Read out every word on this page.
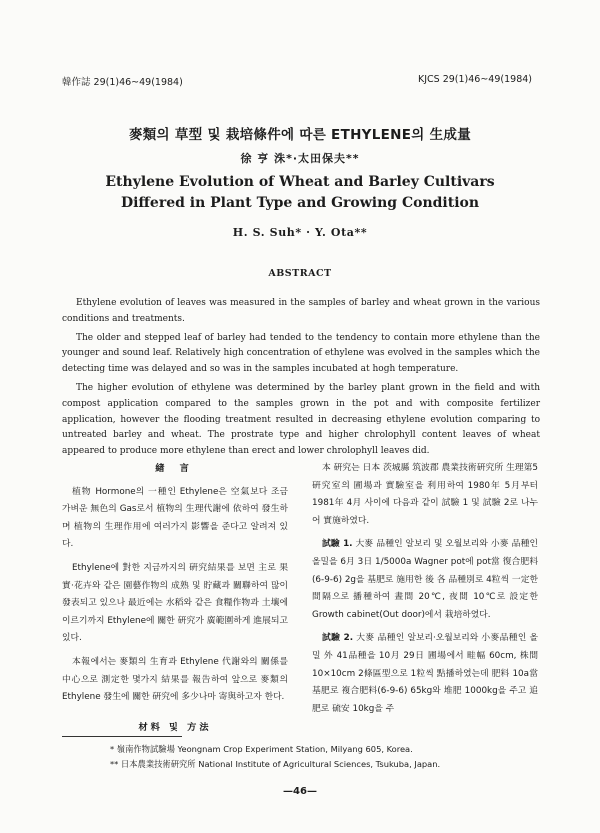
韓作誌 29(1)46~49(1984)	KJCS 29(1)46~49(1984)
麥類의 草型 및 栽培條件에 따른 ETHYLENE의 生成量
徐 亨 洙*·太田保夫**
Ethylene Evolution of Wheat and Barley Cultivars
Differed in Plant Type and Growing Condition
H. S. Suh* · Y. Ota**
ABSTRACT

Ethylene evolution of leaves was measured in the samples of barley and wheat grown in the various conditions and treatments.

The older and stepped leaf of barley had tended to the tendency to contain more ethylene than the younger and sound leaf. Relatively high concentration of ethylene was evolved in the samples which the detecting time was delayed and so was in the samples incubated at hogh temperature.

The higher evolution of ethylene was determined by the barley plant grown in the field and with compost application compared to the samples grown in the pot and with composite fertilizer application, however the flooding treatment resulted in decreasing ethylene evolution comparing to untreated barley and wheat. The prostrate type and higher chrolophyll content leaves of wheat appeared to produce more ethylene than erect and lower chrolophyll leaves did.

緖 言

植物 Hormone의 一種인 Ethylene은 空氣보다 조금 가벼운 無色의 Gas로서 植物의 生理代謝에 依하여 發生하며 植物의 生理作用에 여러가지 影響을 준다고 알려져 있다.

Ethylene에 對한 지금까지의 硏究結果를 보면 主로 果實·花卉와 같은 園藝作物의 成熟 및 貯藏과 關聯하여 많이 發表되고 있으나 最近에는 水稻와 같은 食糧作物과 土壤에 이르기까지 Ethylene에 關한 硏究가 廣範圍하게 進展되고 있다.

本報에서는 麥類의 生育과 Ethylene 代謝와의 關係를 中心으로 測定한 몇가지 結果를 報告하여 앞으로 麥類의 Ethylene 發生에 關한 硏究에 多少나마 寄與하고자 한다.

材料 및 方法

本 硏究는 日本 茨城縣 筑波郡 農業技術硏究所 生理第5硏究室의 圃場과 實驗室을 利用하여 1980年 5月부터 1981年 4月 사이에 다음과 같이 試驗 1 및 試驗 2로 나누어 實施하였다.

試驗 1. 大麥 品種인 알보리 및 오월보리와 小麥 品種인 올밀을 6月 3日 1/5000a Wagner pot에 pot當 復合肥料(6-9-6) 2g을 基肥로 施用한 後 各 品種別로 4粒씩 一定한 間隔으로 播種하여 晝間 20℃, 夜間 10℃로 設定한 Growth cabinet(Out door)에서 栽培하였다.

試驗 2. 大麥 品種인 알보리·오월보리와 小麥品種인 올밀 外 41品種을 10月 29日 圃場에서 畦幅 60cm, 株間 10×10cm 2條區型으로 1粒씩 點播하였는데 肥料 10a當 基肥로 複合肥料(6-9-6) 65kg와 堆肥 1000kg을 주고 追肥로 硫安 10kg을 주

* 嶺南作物試驗場 Yeongnam Crop Experiment Station, Milyang 605, Korea.
** 日本農業技術硏究所 National Institute of Agricultural Sciences, Tsukuba, Japan.
—46—
